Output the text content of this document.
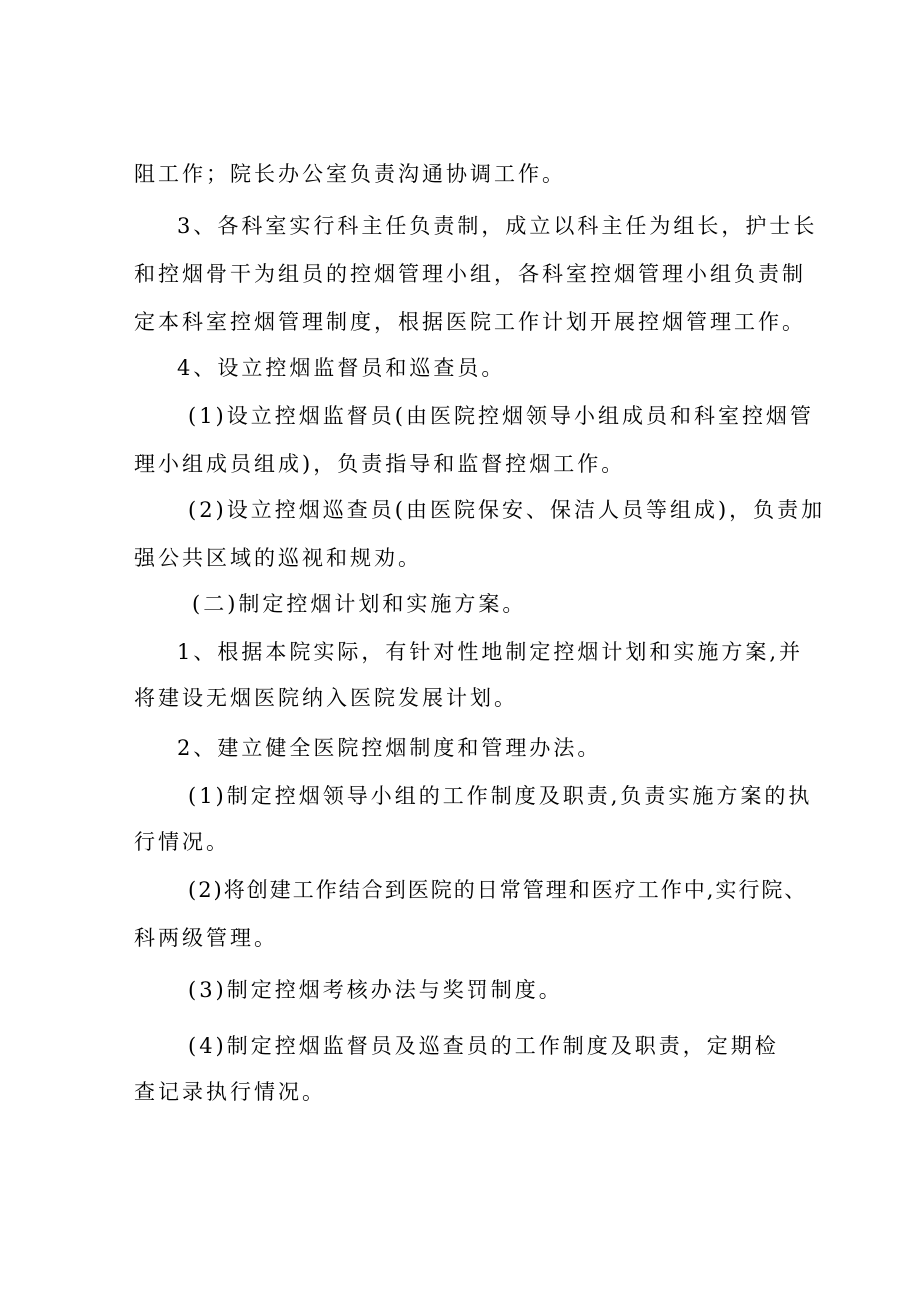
阻工作；院长办公室负责沟通协调工作。
3、各科室实行科主任负责制，成立以科主任为组长，护士长
和控烟骨干为组员的控烟管理小组，各科室控烟管理小组负责制
定本科室控烟管理制度，根据医院工作计划开展控烟管理工作。
4、设立控烟监督员和巡查员。
(1)设立控烟监督员(由医院控烟领导小组成员和科室控烟管
理小组成员组成)，负责指导和监督控烟工作。
(2)设立控烟巡查员(由医院保安、保洁人员等组成)，负责加
强公共区域的巡视和规劝。
(二)制定控烟计划和实施方案。
1、根据本院实际，有针对性地制定控烟计划和实施方案,并
将建设无烟医院纳入医院发展计划。
2、建立健全医院控烟制度和管理办法。
(1)制定控烟领导小组的工作制度及职责,负责实施方案的执
行情况。
(2)将创建工作结合到医院的日常管理和医疗工作中,实行院、
科两级管理。
(3)制定控烟考核办法与奖罚制度。
(4)制定控烟监督员及巡查员的工作制度及职责，定期检
查记录执行情况。
